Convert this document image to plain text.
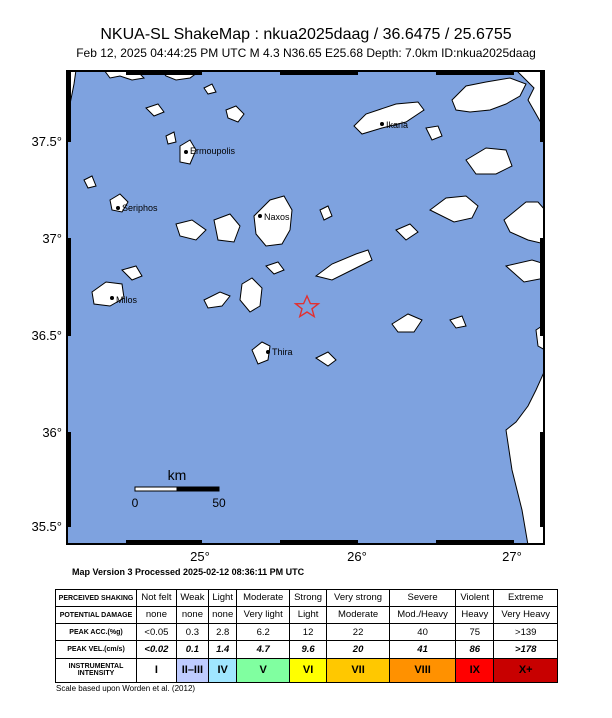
NKUA-SL ShakeMap : nkua2025daag / 36.6475 / 25.6755
Feb 12, 2025 04:44:25 PM UTC M 4.3 N36.65 E25.68 Depth: 7.0km ID:nkua2025daag
37.5°
37°
36.5°
36°
35.5°
25°	26°	27°
Ikaria
Ermoupolis
Seriphos
Naxos
Milos
Thira
km
0	50
Map Version 3 Processed 2025-02-12 08:36:11 PM UTC
PERCEIVED SHAKING	Not felt	Weak	Light	Moderate	Strong	Very strong	Severe	Violent	Extreme
POTENTIAL DAMAGE	none	none	none	Very light	Light	Moderate	Mod./Heavy	Heavy	Very Heavy
PEAK ACC.(%g)	<0.05	0.3	2.8	6.2	12	22	40	75	>139
PEAK VEL.(cm/s)	<0.02	0.1	1.4	4.7	9.6	20	41	86	>178
INSTRUMENTAL INTENSITY	I	II–III	IV	V	VI	VII	VIII	IX	X+
Scale based upon Worden et al. (2012)
